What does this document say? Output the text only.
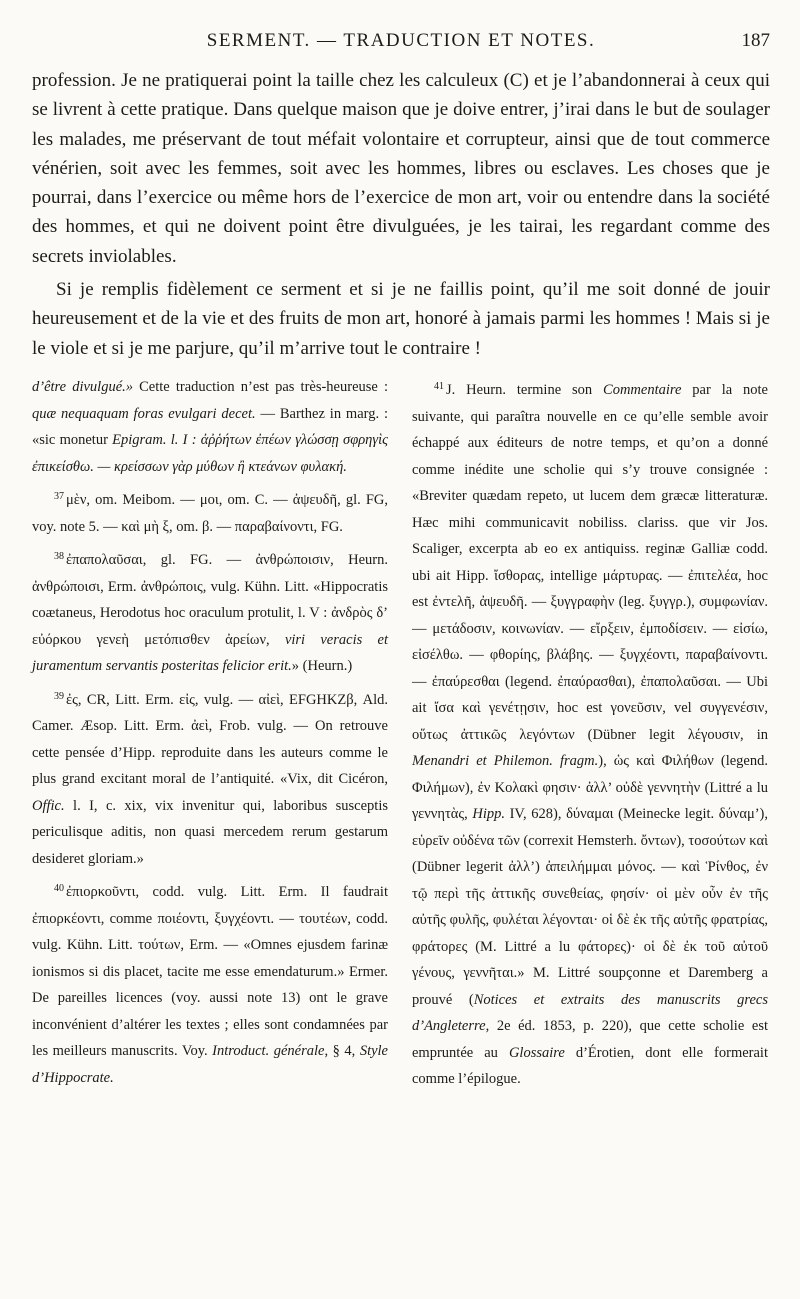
SERMENT. — TRADUCTION ET NOTES.	187

profession. Je ne pratiquerai point la taille chez les calculeux (C) et je l’abandonnerai à ceux qui se livrent à cette pratique. Dans quelque maison que je doive entrer, j’irai dans le but de soulager les malades, me préservant de tout méfait volontaire et corrupteur, ainsi que de tout commerce vénérien, soit avec les femmes, soit avec les hommes, libres ou esclaves. Les choses que je pourrai, dans l’exercice ou même hors de l’exercice de mon art, voir ou entendre dans la société des hommes, et qui ne doivent point être divulguées, je les tairai, les regardant comme des secrets inviolables.

Si je remplis fidèlement ce serment et si je ne faillis point, qu’il me soit donné de jouir heureusement et de la vie et des fruits de mon art, honoré à jamais parmi les hommes ! Mais si je le viole et si je me parjure, qu’il m’arrive tout le contraire !

d’être divulgué.» Cette traduction n’est pas très-heureuse : quæ nequaquam foras evulgari decet. — Barthez in marg. : «sic monetur Epigram. l. I : ἀῤῥήτων ἐπέων γλώσσῃ σφρηγὶς ἐπικείσθω. — κρείσσων γὰρ μύθων ἢ κτεάνων φυλακή.

$^{37}$ μὲν, om. Meibom. — μοι, om. C. — ἀψευδῆ, gl. FG, voy. note 5. — καὶ μὴ ξ, om. β. — παραβαίνοντι, FG.

$^{38}$ ἐπαπολαῦσαι, gl. FG. — ἀνθρώποισιν, Heurn. ἀνθρώποισι, Erm. ἀνθρώποις, vulg. Kühn. Litt. «Hippocratis coætaneus, Herodotus hoc oraculum protulit, l. V : ἀνδρὸς δ’ εὐόρκου γενεὴ μετόπισθεν ἀρείων, viri veracis et juramentum servantis posteritas felicior erit.» (Heurn.)

$^{39}$ ἐς, CR, Litt. Erm. εἰς, vulg. — αἰεὶ, EFGHKZβ, Ald. Camer. Æsop. Litt. Erm. ἀεὶ, Frob. vulg. — On retrouve cette pensée d’Hipp. reproduite dans les auteurs comme le plus grand excitant moral de l’antiquité. «Vix, dit Cicéron, Offic. l. I, c. xix, vix invenitur qui, laboribus susceptis periculisque aditis, non quasi mercedem rerum gestarum desideret gloriam.»

$^{40}$ ἐπιορκοῦντι, codd. vulg. Litt. Erm. Il faudrait ἐπιορκέοντι, comme ποιέοντι, ξυγχέοντι. — τουτέων, codd. vulg. Kühn. Litt. τούτων, Erm. — «Omnes ejusdem farinæ ionismos si dis placet, tacite me esse emendaturum.» Ermer. De pareilles licences (voy. aussi note 13) ont le grave inconvénient d’altérer les textes ; elles sont condamnées par les meilleurs manuscrits. Voy. Introduct. générale, § 4, Style d’Hippocrate.

$^{41}$ J. Heurn. termine son Commentaire par la note suivante, qui paraîtra nouvelle en ce qu’elle semble avoir échappé aux éditeurs de notre temps, et qu’on a donné comme inédite une scholie qui s’y trouve consignée : «Breviter quædam repeto, ut lucem dem græcæ litteraturæ. Hæc mihi communicavit nobiliss. clariss. que vir Jos. Scaliger, excerpta ab eo ex antiquiss. reginæ Galliæ codd. ubi ait Hipp. ἴσθορας, intellige μάρτυρας. — ἐπιτελέα, hoc est ἐντελῆ, ἀψευδῆ. — ξυγγραφὴν (leg. ξυγγρ.), συμφωνίαν. — μετάδοσιν, κοινωνίαν. — εἴρξειν, ἐμποδίσειν. — εἰσίω, εἰσέλθω. — φθορίης, βλάβης. — ξυγχέοντι, παραβαίνοντι. — ἐπαύρεσθαι (legend. ἐπαύρασθαι), ἐπαπολαῦσαι. — Ubi ait ἴσα καὶ γενέτῃσιν, hoc est γονεῦσιν, vel συγγενέσιν, οὕτως ἀττικῶς λεγόντων (Dübner legit λέγουσιν, in Menandri et Philemon. fragm.), ὡς καὶ Φιλήθων (legend. Φιλήμων), ἐν Κολακὶ φησιν· ἀλλ’ οὐδὲ γεννητὴν (Littré a lu γεννητὰς, Hipp. IV, 628), δύναμαι (Meinecke legit. δύναμ’), εὑρεῖν οὐδένα τῶν (correxit Hemsterh. ὄντων), τοσούτων καὶ (Dübner legerit ἀλλ’) ἀπειλήμμαι μόνος. — καὶ Ῥίνθος, ἐν τῷ περὶ τῆς ἀττικῆς συνεθείας, φησίν· οἱ μὲν οὖν ἐν τῆς αὐτῆς φυλῆς, φυλέται λέγονται· οἱ δὲ ἐκ τῆς αὐτῆς φρατρίας, φράτορες (M. Littré a lu φάτορες)· οἱ δὲ ἐκ τοῦ αὐτοῦ γένους, γεννῆται.» M. Littré soupçonne et Daremberg a prouvé (Notices et extraits des manuscrits grecs d’Angleterre, 2e éd. 1853, p. 220), que cette scholie est empruntée au Glossaire d’Érotien, dont elle formerait comme l’épilogue.
